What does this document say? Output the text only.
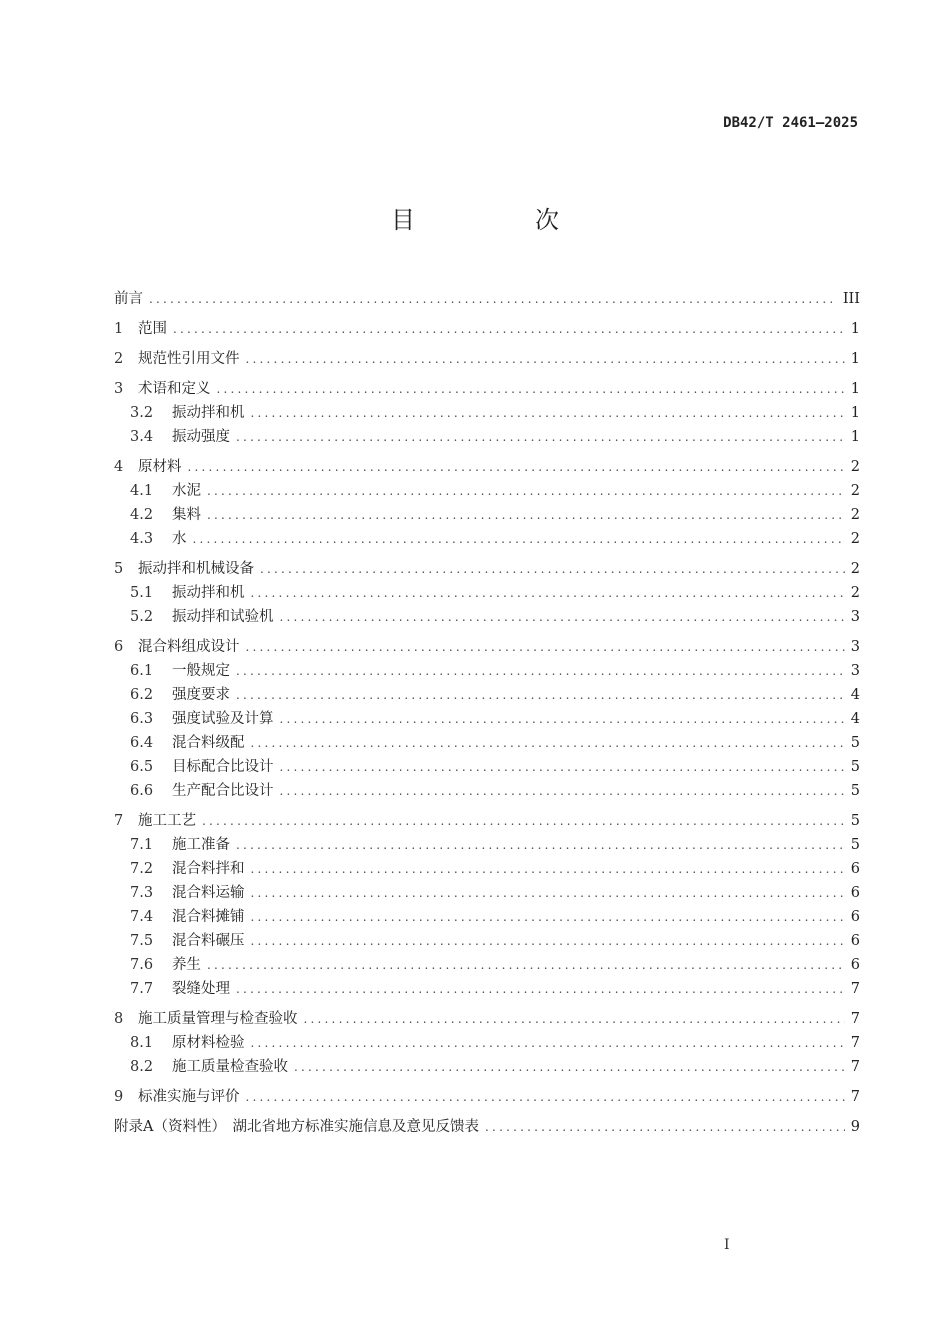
DB42/T 2461—2025
目　次
前言 .....	III
1	范围 .....	1
2	规范性引用文件 .....	1
3	术语和定义 .....	1
3.2	振动拌和机 .....	1
3.4	振动强度 .....	1
4	原材料 .....	2
4.1	水泥 .....	2
4.2	集料 .....	2
4.3	水 .....	2
5	振动拌和机械设备 .....	2
5.1	振动拌和机 .....	2
5.2	振动拌和试验机 .....	3
6	混合料组成设计 .....	3
6.1	一般规定 .....	3
6.2	强度要求 .....	4
6.3	强度试验及计算 .....	4
6.4	混合料级配 .....	5
6.5	目标配合比设计 .....	5
6.6	生产配合比设计 .....	5
7	施工工艺 .....	5
7.1	施工准备 .....	5
7.2	混合料拌和 .....	6
7.3	混合料运输 .....	6
7.4	混合料摊铺 .....	6
7.5	混合料碾压 .....	6
7.6	养生 .....	6
7.7	裂缝处理 .....	7
8	施工质量管理与检查验收 .....	7
8.1	原材料检验 .....	7
8.2	施工质量检查验收 .....	7
9	标准实施与评价 .....	7
附录A（资料性） 湖北省地方标准实施信息及意见反馈表 .....	9
I
